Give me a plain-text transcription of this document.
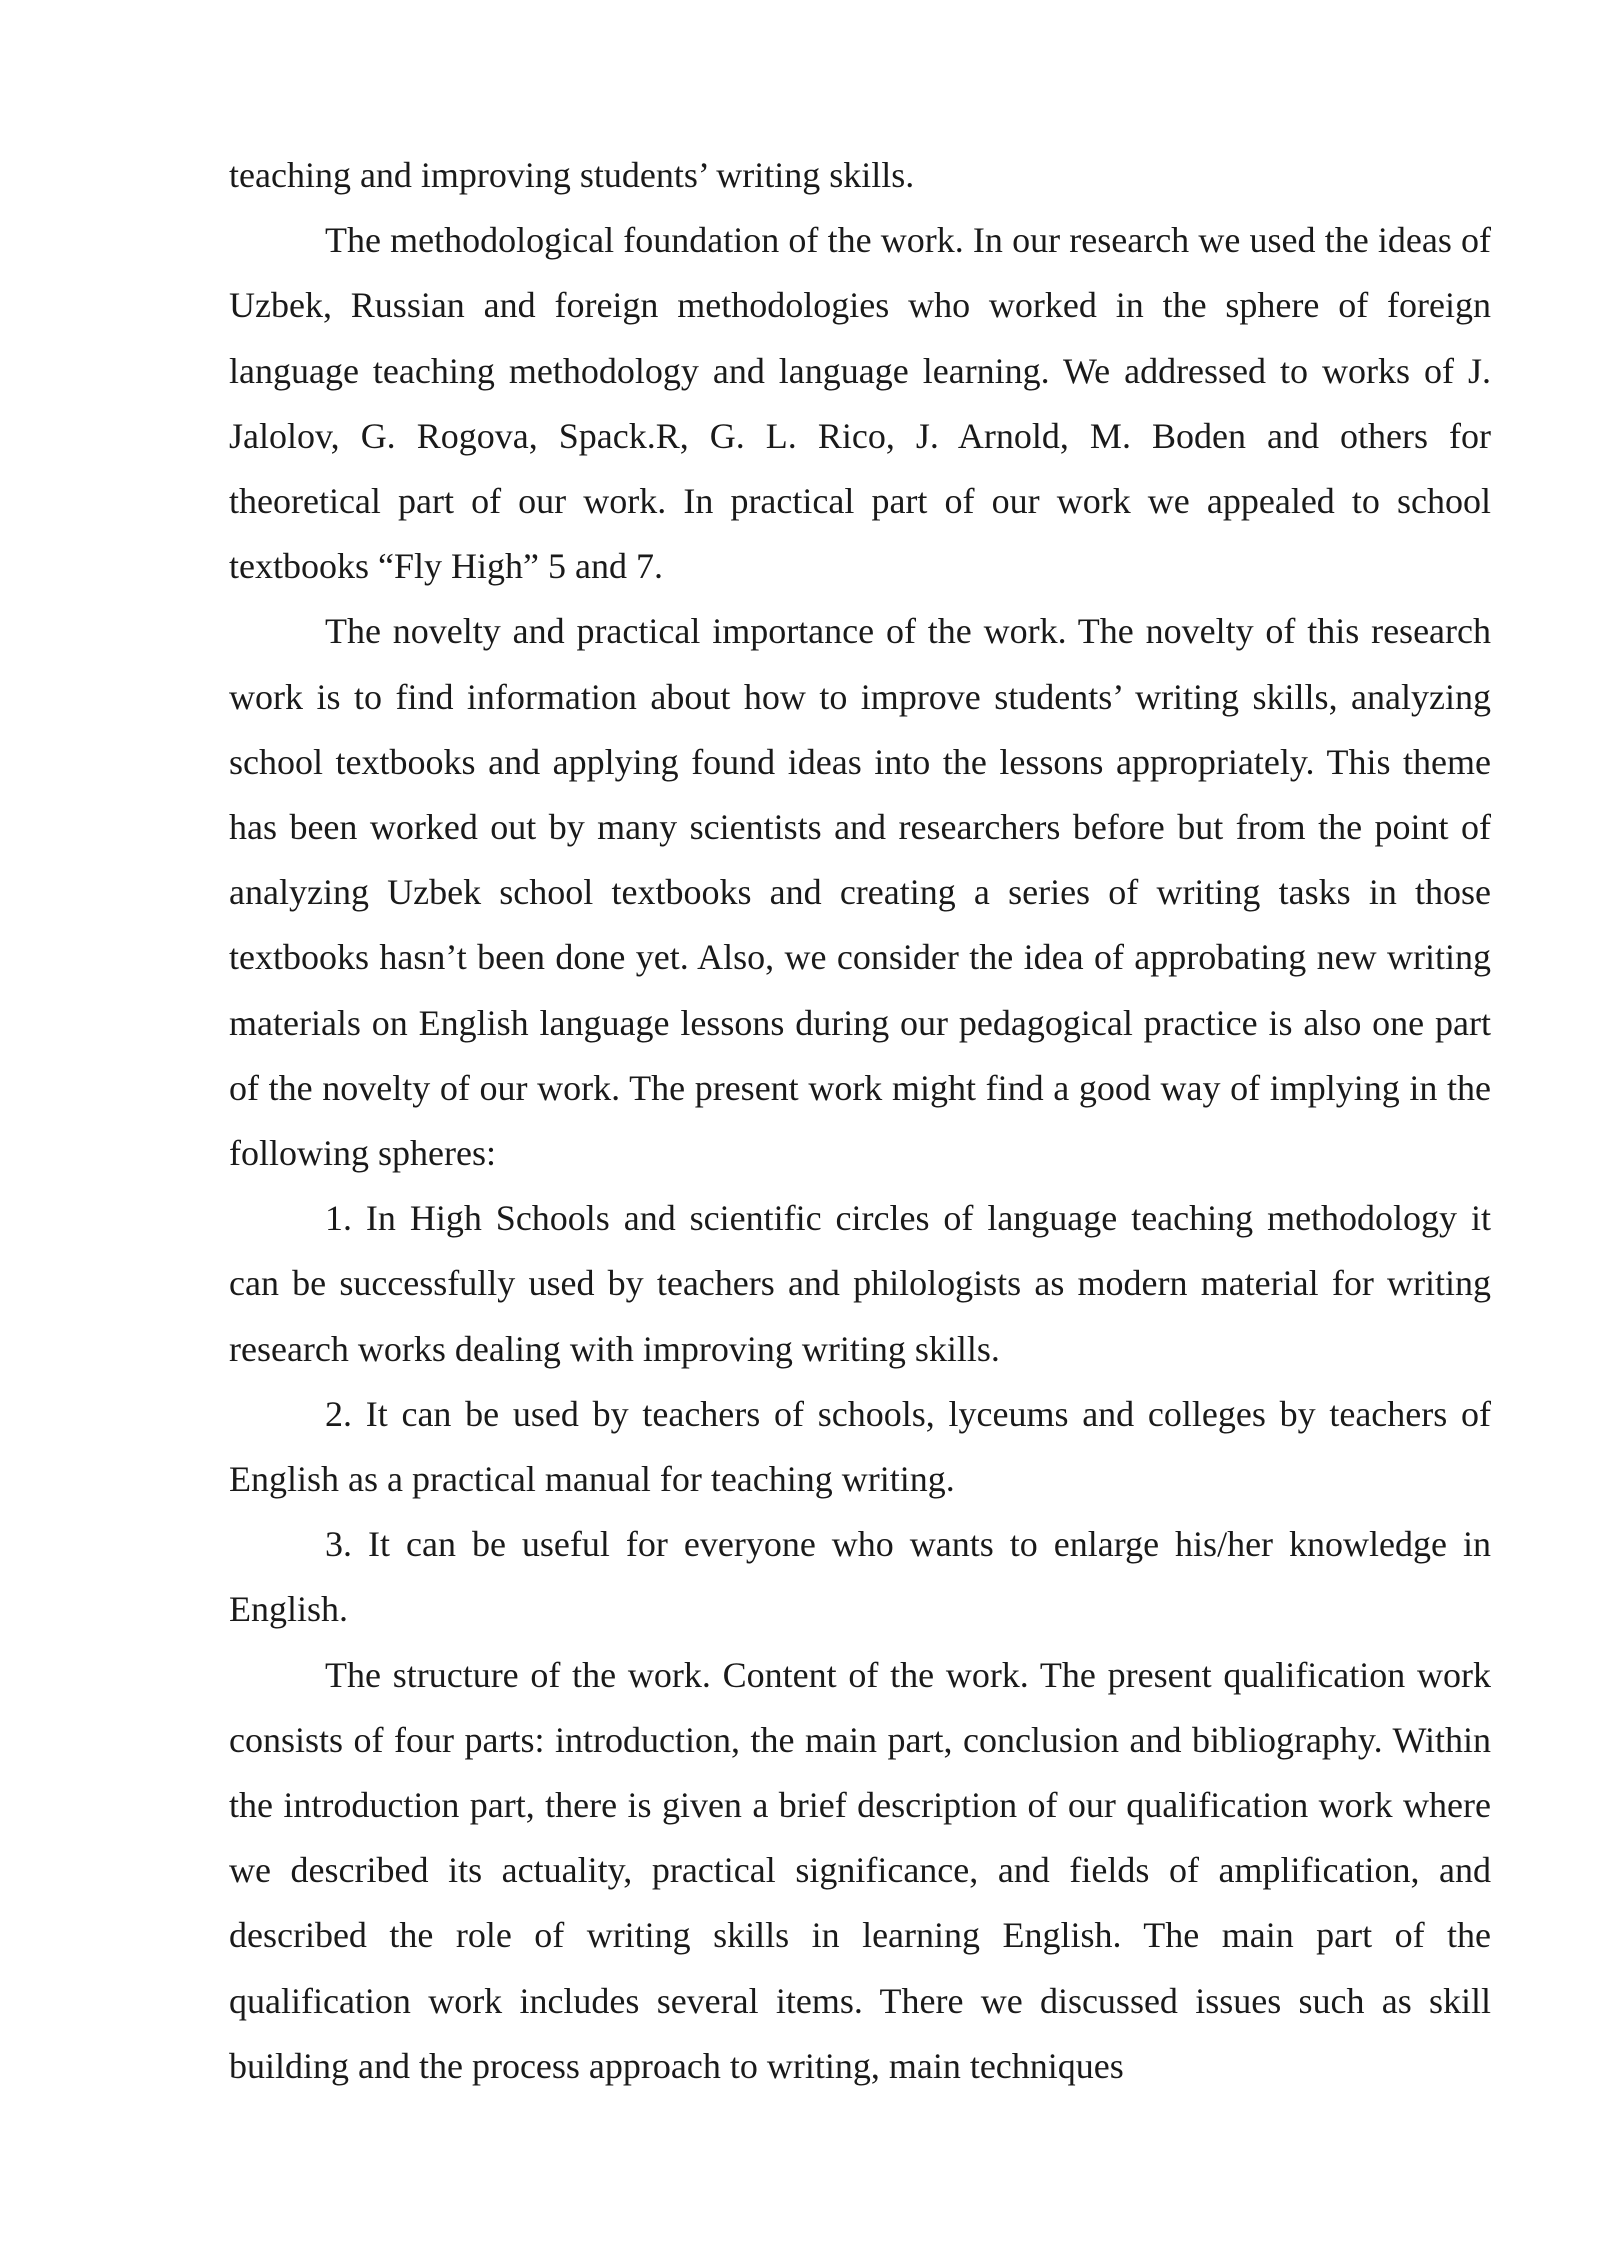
teaching and improving students’ writing skills.

The methodological foundation of the work. In our research we used the ideas of Uzbek, Russian and foreign methodologies who worked in the sphere of foreign language teaching methodology and language learning. We addressed to works of J. Jalolov, G. Rogova, Spack.R, G. L. Rico, J. Arnold, M. Boden and others for theoretical part of our work. In practical part of our work we appealed to school textbooks “Fly High” 5 and 7.

The novelty and practical importance of the work. The novelty of this research work is to find information about how to improve students’ writing skills, analyzing school textbooks and applying found ideas into the lessons appropriately. This theme has been worked out by many scientists and researchers before but from the point of analyzing Uzbek school textbooks and creating a series of writing tasks in those textbooks hasn’t been done yet. Also, we consider the idea of approbating new writing materials on English language lessons during our pedagogical practice is also one part of the novelty of our work. The present work might find a good way of implying in the following spheres:

1. In High Schools and scientific circles of language teaching methodology it can be successfully used by teachers and philologists as modern material for writing research works dealing with improving writing skills.

2. It can be used by teachers of schools, lyceums and colleges by teachers of English as a practical manual for teaching writing.

3. It can be useful for everyone who wants to enlarge his/her knowledge in English.

The structure of the work. Content of the work. The present qualification work consists of four parts: introduction, the main part, conclusion and bibliography. Within the introduction part, there is given a brief description of our qualification work where we described its actuality, practical significance, and fields of amplification, and described the role of writing skills in learning English. The main part of the qualification work includes several items. There we discussed issues such as skill building and the process approach to writing, main techniques
